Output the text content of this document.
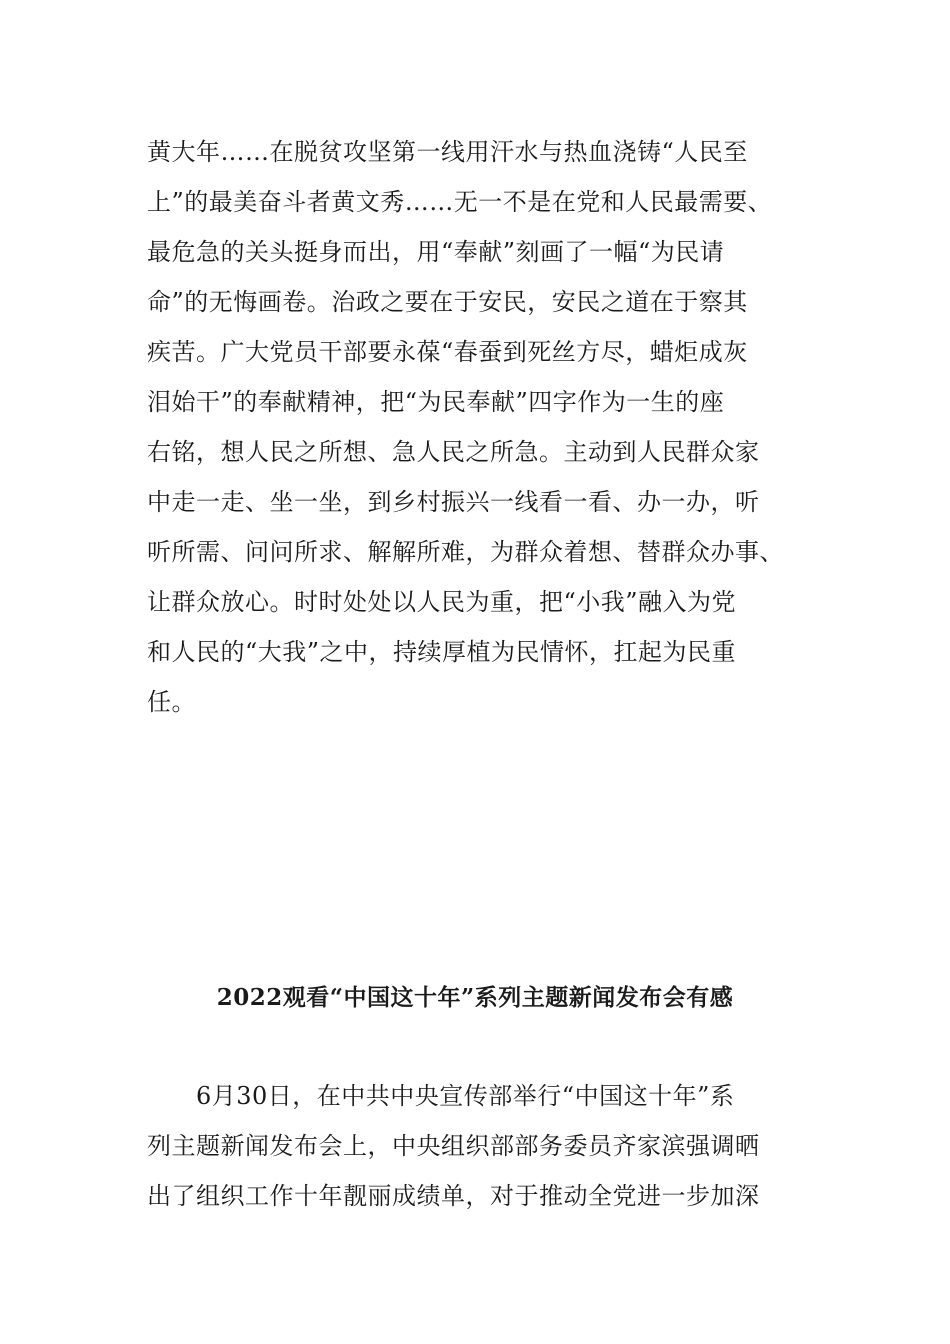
黄大年……在脱贫攻坚第一线用汗水与热血浇铸“人民至
上”的最美奋斗者黄文秀……无一不是在党和人民最需要、
最危急的关头挺身而出，用“奉献”刻画了一幅“为民请
命”的无悔画卷。治政之要在于安民，安民之道在于察其
疾苦。广大党员干部要永葆“春蚕到死丝方尽，蜡炬成灰
泪始干”的奉献精神，把“为民奉献”四字作为一生的座
右铭，想人民之所想、急人民之所急。主动到人民群众家
中走一走、坐一坐，到乡村振兴一线看一看、办一办，听
听所需、问问所求、解解所难，为群众着想、替群众办事、
让群众放心。时时处处以人民为重，把“小我”融入为党
和人民的“大我”之中，持续厚植为民情怀，扛起为民重
任。
2022观看“中国这十年”系列主题新闻发布会有感
　　6月30日，在中共中央宣传部举行“中国这十年”系
列主题新闻发布会上，中央组织部部务委员齐家滨强调晒
出了组织工作十年靓丽成绩单，对于推动全党进一步加深
